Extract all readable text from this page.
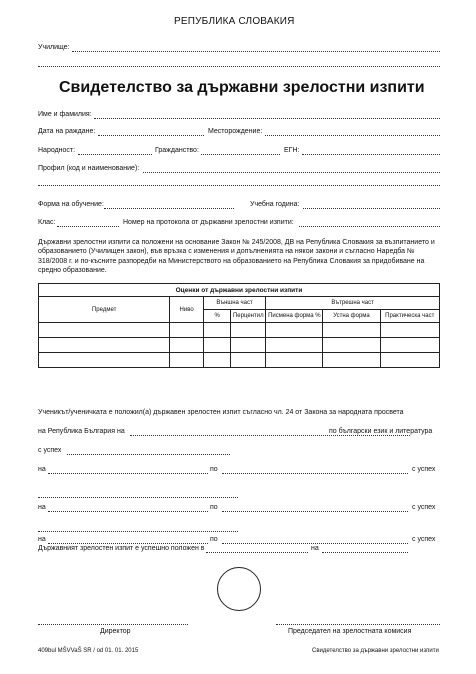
РЕПУБЛИКА СЛОВАКИЯ
Училище:
Свидетелство за държавни зрелостни изпити
Име и фамилия:
Дата на раждане:	Месторождение:
Народност:	Гражданство:	ЕГН:
Профил (код и наименование):
Форма на обучение:	Учебна година:
Клас:	Номер на протокола от държавни зрелостни изпити:
Държавни зрелостни изпити са положени на основание Закон № 245/2008, ДВ на Република Словакия за възпитанието и образованието (Училищен закон), във връзка с изменения и допълненията на някои закони и съгласно Наредба № 318/2008 г. и по-късните разпоредби на Министерството на образованието на Република Словакия за придобиване на средно образование.
Оценки от държавни зрелостни изпити						
Предмет	Ниво	Външна част		Вътрешна част		
		%	Перцентил	Писмена форма %	Устна форма	Практическа част

Ученикът/ученичката е положил(а) държавен зрелостен изпит съгласно чл. 24 от Закона за народната просвета
на Република България на	по български език и литература
с успех
на	по	с успех
на	по	с успех
на	по	с успех
Държавният зрелостен изпит е успешно положен в	на
Директор	Председател на зрелостната комисия
409bul MŠVVaŠ SR / od 01. 01. 2015	Свидетелство за държавни зрелостни изпити
